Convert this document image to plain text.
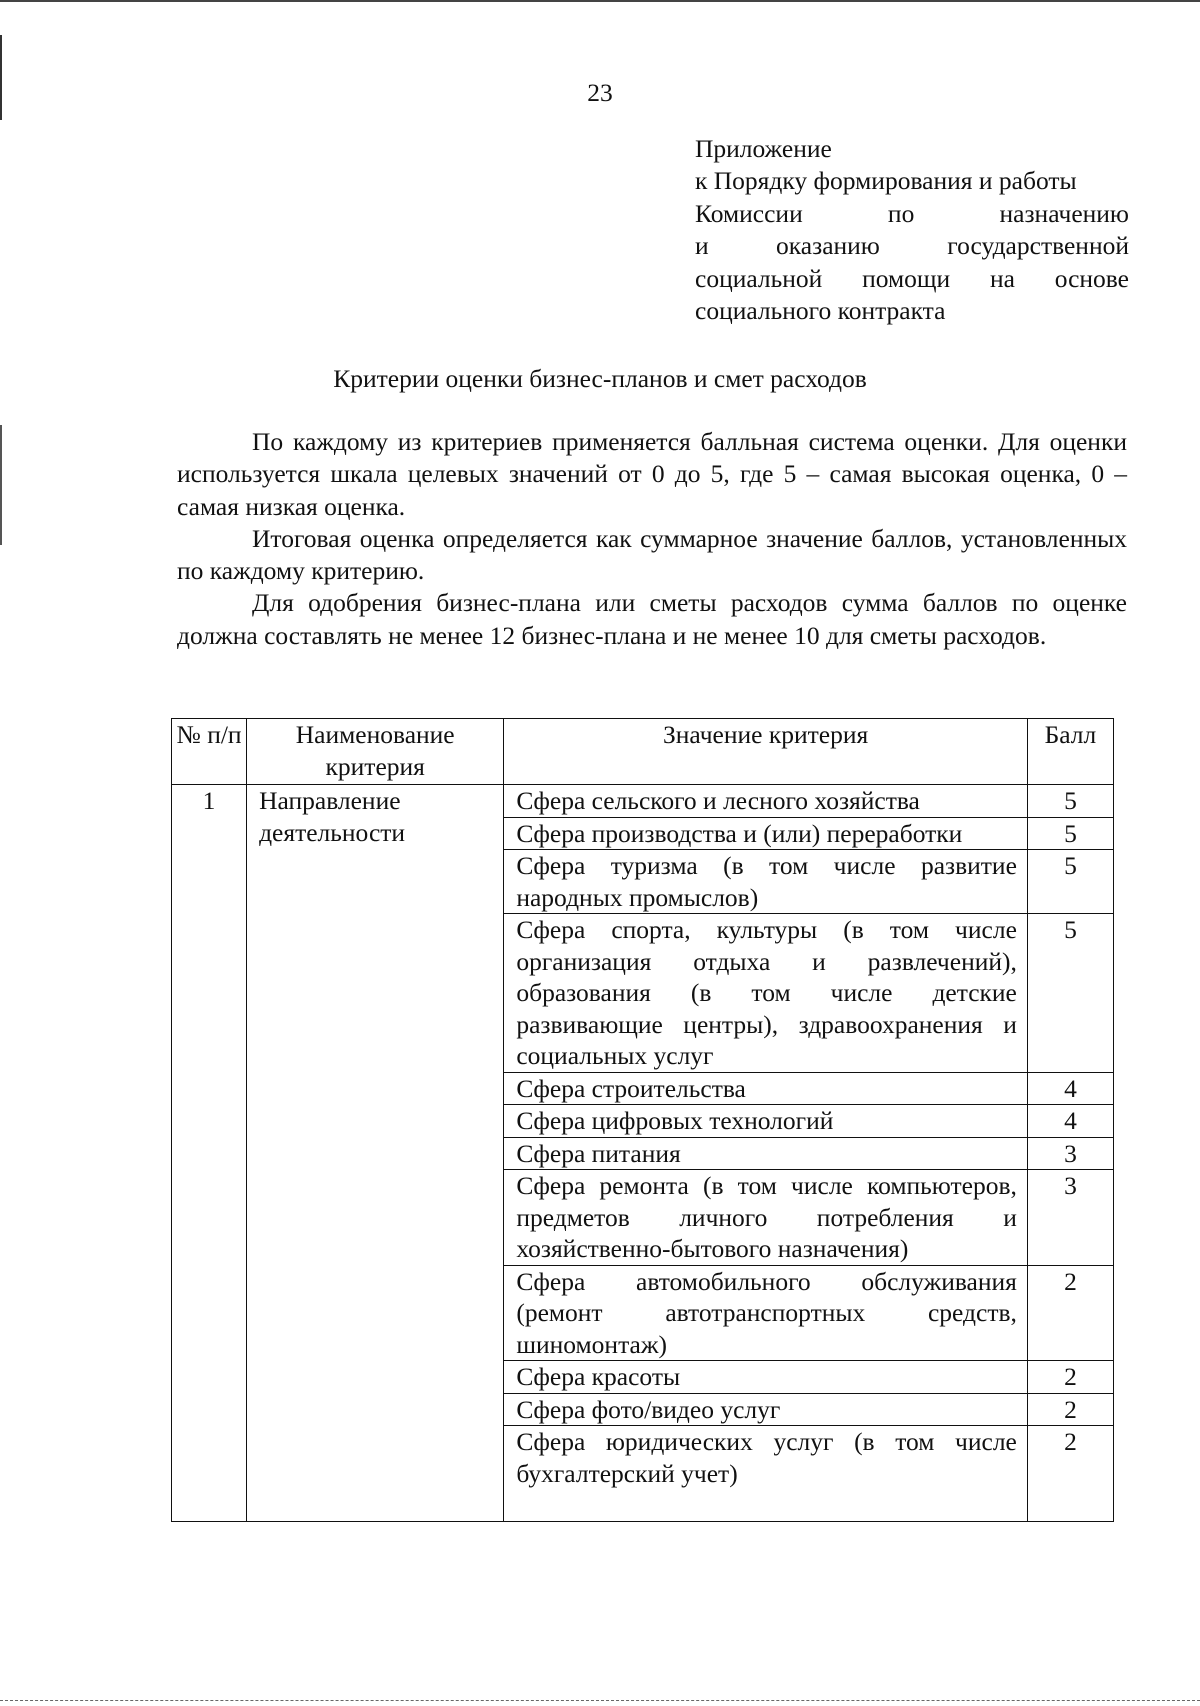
23
Приложение
к Порядку формирования и работы
Комиссии по назначению
и оказанию государственной
социальной помощи на основе
социального контракта
Критерии оценки бизнес-планов и смет расходов

По каждому из критериев применяется балльная система оценки. Для оценки используется шкала целевых значений от 0 до 5, где 5 – самая высокая оценка, 0 – самая низкая оценка.

Итоговая оценка определяется как суммарное значение баллов, установленных по каждому критерию.

Для одобрения бизнес-плана или сметы расходов сумма баллов по оценке должна составлять не менее 12 бизнес-плана и не менее 10 для сметы расходов.

№ п/п	Наименование критерия	Значение критерия	Балл
1	Направление деятельности	Сфера сельского и лесного хозяйства	5
		Сфера производства и (или) переработки	5
		Сфера туризма (в том числе развитие народных промыслов)	5
		Сфера спорта, культуры (в том числе организация отдыха и развлечений), образования (в том числе детские развивающие центры), здравоохранения и социальных услуг	5
		Сфера строительства	4
		Сфера цифровых технологий	4
		Сфера питания	3
		Сфера ремонта (в том числе компьютеров, предметов личного потребления и хозяйственно-бытового назначения)	3
		Сфера автомобильного обслуживания (ремонт автотранспортных средств, шиномонтаж)	2
		Сфера красоты	2
		Сфера фото/видео услуг	2
		Сфера юридических услуг (в том числе бухгалтерский учет)	2
